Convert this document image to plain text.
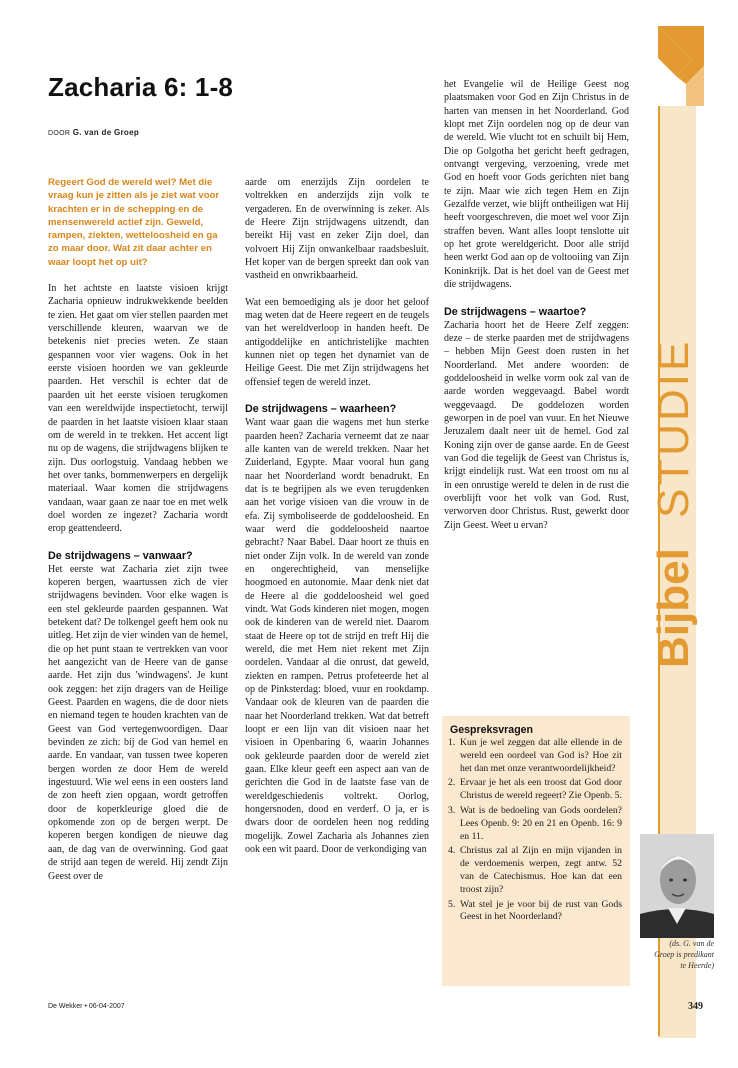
Zacharia 6: 1-8
DOOR G. van de Groep

Regeert God de wereld wel? Met die vraag kun je zitten als je ziet wat voor krachten er in de schepping en de mensenwereld actief zijn. Geweld, rampen, ziekten, wetteloosheid en ga zo maar door. Wat zit daar achter en waar loopt het op uit?

In het achtste en laatste visioen krijgt Zacharia opnieuw indrukwekkende beelden te zien. Het gaat om vier stellen paarden met verschillende kleuren, waarvan we de betekenis niet precies weten. Ze staan gespannen voor vier wagens. Ook in het eerste visioen hoorden we van gekleurde paarden. Het verschil is echter dat de paarden uit het eerste visioen terugkomen van een wereldwijde inspectietocht, terwijl de paarden in het laatste visioen klaar staan om de wereld in te trekken. Het accent ligt nu op de wagens, die strijdwagens blijken te zijn. Dus oorlogstuig. Vandaag hebben we het over tanks, bommenwerpers en dergelijk materiaal. Waar komen die strijdwagens vandaan, waar gaan ze naar toe en met welk doel worden ze ingezet? Zacharia wordt erop geattendeerd.

De strijdwagens – vanwaar?

Het eerste wat Zacharia ziet zijn twee koperen bergen, waartussen zich de vier strijdwagens bevinden. Voor elke wagen is een stel gekleurde paarden gespannen. Wat betekent dat? De tolkengel geeft hem ook nu uitleg. Het zijn de vier winden van de hemel, die op het punt staan te vertrekken van voor het aangezicht van de Heere van de ganse aarde. Het zijn dus 'windwagens'. Je kunt ook zeggen: het zijn dragers van de Heilige Geest. Paarden en wagens, die de door niets en niemand tegen te houden krachten van de Geest van God vertegenwoordigen. Daar bevinden ze zich: bij de God van hemel en aarde. En vandaar, van tussen twee koperen bergen worden ze door Hem de wereld ingestuurd. Wie wel eens in een oosters land de zon heeft zien opgaan, wordt getroffen door de koperkleurige gloed die de opkomende zon op de bergen werpt. De koperen bergen kondigen de nieuwe dag aan, de dag van de overwinning. God gaat de strijd aan tegen de wereld. Hij zendt Zijn Geest over de

aarde om enerzijds Zijn oordelen te voltrekken en anderzijds zijn volk te vergaderen. En de overwinning is zeker. Als de Heere Zijn strijdwagens uitzendt, dan bereikt Hij vast en zeker Zijn doel, dan volvoert Hij Zijn onwankelbaar raadsbesluit. Het koper van de bergen spreekt dan ook van vastheid en onwrikbaarheid.

Wat een bemoediging als je door het geloof mag weten dat de Heere regeert en de teugels van het wereldverloop in handen heeft. De antigoddelijke en antichristelijke machten kunnen niet op tegen het dynamiet van de Heilige Geest. Die met Zijn strijdwagens het offensief tegen de wereld inzet.

De strijdwagens – waarheen?

Want waar gaan die wagens met hun sterke paarden heen? Zacharia verneemt dat ze naar alle kanten van de wereld trekken. Naar het Zuiderland, Egypte. Maar vooral hun gang naar het Noorderland wordt benadrukt. En dat is te begrijpen als we even terugdenken aan het vorige visioen van die vrouw in de efa. Zij symboliseerde de goddeloosheid. En waar werd die goddeloosheid naartoe gebracht? Naar Babel. Daar hoort ze thuis en niet onder Zijn volk. In de wereld van zonde en ongerechtigheid, van menselijke hoogmoed en autonomie. Maar denk niet dat de Heere al die goddeloosheid wel goed vindt. Wat Gods kinderen niet mogen, mogen ook de kinderen van de wereld niet. Daarom staat de Heere op tot de strijd en treft Hij die wereld, die met Hem niet rekent met Zijn oordelen. Vandaar al die onrust, dat geweld, ziekten en rampen. Petrus profeteerde het al op de Pinksterdag: bloed, vuur en rookdamp. Vandaar ook de kleuren van de paarden die naar het Noorderland trekken. Wat dat betreft loopt er een lijn van dit visioen naar het visioen in Openbaring 6, waarin Johannes ook gekleurde paarden door de wereld ziet gaan. Elke kleur geeft een aspect aan van de gerichten die God in de laatste fase van de wereldgeschiedenis voltrekt. Oorlog, hongersnoden, dood en verderf. O ja, er is dwars door de oordelen heen nog redding mogelijk. Zowel Zacharia als Johannes zien ook een wit paard. Door de verkondiging van

het Evangelie wil de Heilige Geest nog plaatsmaken voor God en Zijn Christus in de harten van mensen in het Noorderland. God klopt met Zijn oordelen nog op de deur van de wereld. Wie vlucht tot en schuilt bij Hem, Die op Golgotha het gericht heeft gedragen, ontvangt vergeving, verzoening, vrede met God en hoeft voor Gods gerichten niet bang te zijn. Maar wie zich tegen Hem en Zijn Gezalfde verzet, wie blijft ontheiligen wat Hij heeft voorgeschreven, die moet wel voor Zijn straffen beven. Want alles loopt tenslotte uit op het grote wereldgericht. Door alle strijd heen werkt God aan op de voltooiing van Zijn Koninkrijk. Dat is het doel van de Geest met die strijdwagens.

De strijdwagens – waartoe?

Zacharia hoort het de Heere Zelf zeggen: deze – de sterke paarden met de strijdwagens – hebben Mijn Geest doen rusten in het Noorderland. Met andere woorden: de goddeloosheid in welke vorm ook zal van de aarde worden weggevaagd. Babel wordt weggevaagd. De goddelozen worden geworpen in de poel van vuur. En het Nieuwe Jeruzalem daalt neer uit de hemel. God zal Koning zijn over de ganse aarde. En de Geest van God die tegelijk de Geest van Christus is, krijgt eindelijk rust. Wat een troost om nu al in een onrustige wereld te delen in de rust die overblijft voor het volk van God. Rust, verworven door Christus. Rust, gewerkt door Zijn Geest. Weet u ervan?

Gespreksvragen
1. Kun je wel zeggen dat alle ellende in de wereld een oordeel van God is? Hoe zit het dan met onze verantwoordelijkheid?
2. Ervaar je het als een troost dat God door Christus de wereld regeert? Zie Openb. 5.
3. Wat is de bedoeling van Gods oordelen? Lees Openb. 9: 20 en 21 en Openb. 16: 9 en 11.
4. Christus zal al Zijn en mijn vijanden in de verdoemenis werpen, zegt antw. 52 van de Catechismus. Hoe kan dat een troost zijn?
5. Wat stel je je voor bij de rust van Gods Geest in het Noorderland?
Bijbel
STUDIE
(ds. G. van de
Groep is predikant
te Heerde)
De Wekker • 06-04-2007	349
